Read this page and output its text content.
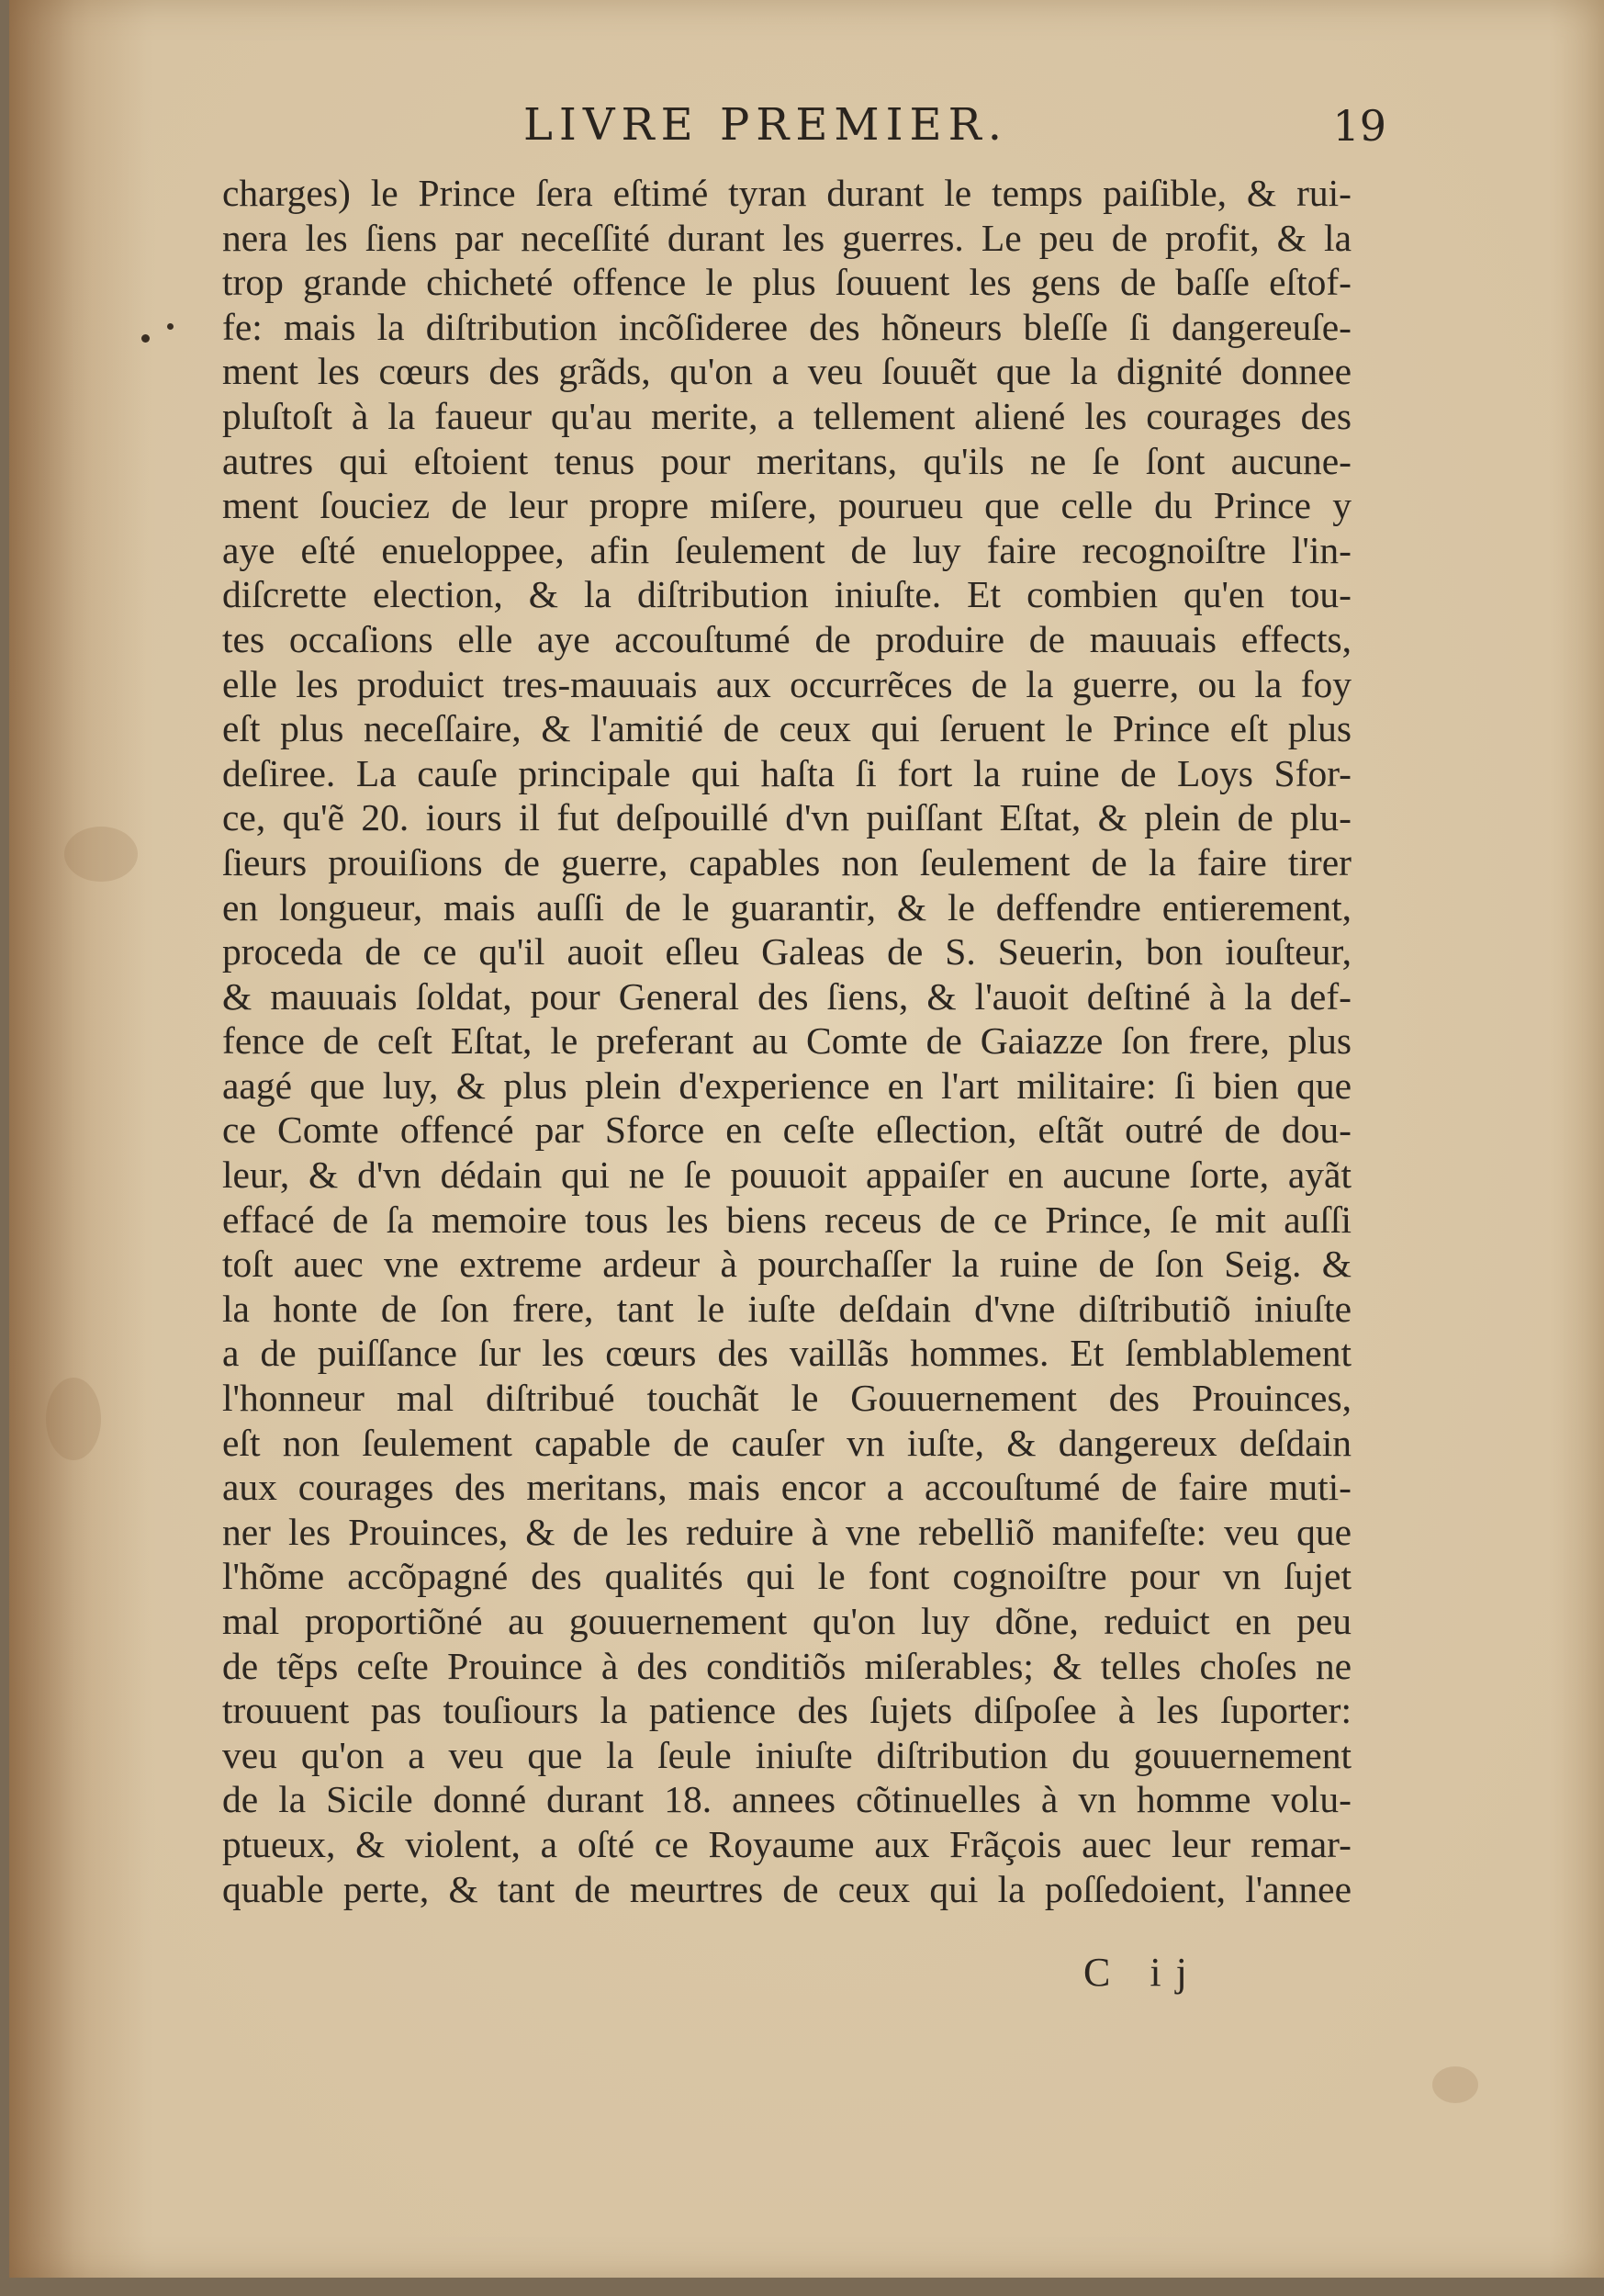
LIVRE PREMIER.	19
charges) le Prince ſera eſtimé tyran durant le temps paiſible, & rui-
nera les ſiens par neceſſité durant les guerres. Le peu de profit, & la
trop grande chicheté offence le plus ſouuent les gens de baſſe eſtof-
fe: mais la diſtribution incõſideree des hõneurs bleſſe ſi dangereuſe-
ment les cœurs des grãds, qu'on a veu ſouuẽt que la dignité donnee
pluſtoſt à la faueur qu'au merite, a tellement aliené les courages des
autres qui eſtoient tenus pour meritans, qu'ils ne ſe ſont aucune-
ment ſouciez de leur propre miſere, pourueu que celle du Prince y
aye eſté enueloppee, afin ſeulement de luy faire recognoiſtre l'in-
diſcrette election, & la diſtribution iniuſte. Et combien qu'en tou-
tes occaſions elle aye accouſtumé de produire de mauuais effects,
elle les produict tres-mauuais aux occurrẽces de la guerre, ou la foy
eſt plus neceſſaire, & l'amitié de ceux qui ſeruent le Prince eſt plus
deſiree. La cauſe principale qui haſta ſi fort la ruine de Loys Sfor-
ce, qu'ẽ 20. iours il fut deſpouillé d'vn puiſſant Eſtat, & plein de plu-
ſieurs prouiſions de guerre, capables non ſeulement de la faire tirer
en longueur, mais auſſi de le guarantir, & le deffendre entierement,
proceda de ce qu'il auoit eſleu Galeas de S. Seuerin, bon iouſteur,
& mauuais ſoldat, pour General des ſiens, & l'auoit deſtiné à la def-
fence de ceſt Eſtat, le preferant au Comte de Gaiazze ſon frere, plus
aagé que luy, & plus plein d'experience en l'art militaire: ſi bien que
ce Comte offencé par Sforce en ceſte eſlection, eſtãt outré de dou-
leur, & d'vn dédain qui ne ſe pouuoit appaiſer en aucune ſorte, ayãt
effacé de ſa memoire tous les biens receus de ce Prince, ſe mit auſſi
toſt auec vne extreme ardeur à pourchaſſer la ruine de ſon Seig. &
la honte de ſon frere, tant le iuſte deſdain d'vne diſtributiõ iniuſte
a de puiſſance ſur les cœurs des vaillãs hommes. Et ſemblablement
l'honneur mal diſtribué touchãt le Gouuernement des Prouinces,
eſt non ſeulement capable de cauſer vn iuſte, & dangereux deſdain
aux courages des meritans, mais encor a accouſtumé de faire muti-
ner les Prouinces, & de les reduire à vne rebelliõ manifeſte: veu que
l'hõme accõpagné des qualités qui le font cognoiſtre pour vn ſujet
mal proportiõné au gouuernement qu'on luy dõne, reduict en peu
de tẽps ceſte Prouince à des conditiõs miſerables; & telles choſes ne
trouuent pas touſiours la patience des ſujets diſpoſee à les ſuporter:
veu qu'on a veu que la ſeule iniuſte diſtribution du gouuernement
de la Sicile donné durant 18. annees cõtinuelles à vn homme volu-
ptueux, & violent, a oſté ce Royaume aux Frãçois auec leur remar-
quable perte, & tant de meurtres de ceux qui la poſſedoient, l'annee
C ij
